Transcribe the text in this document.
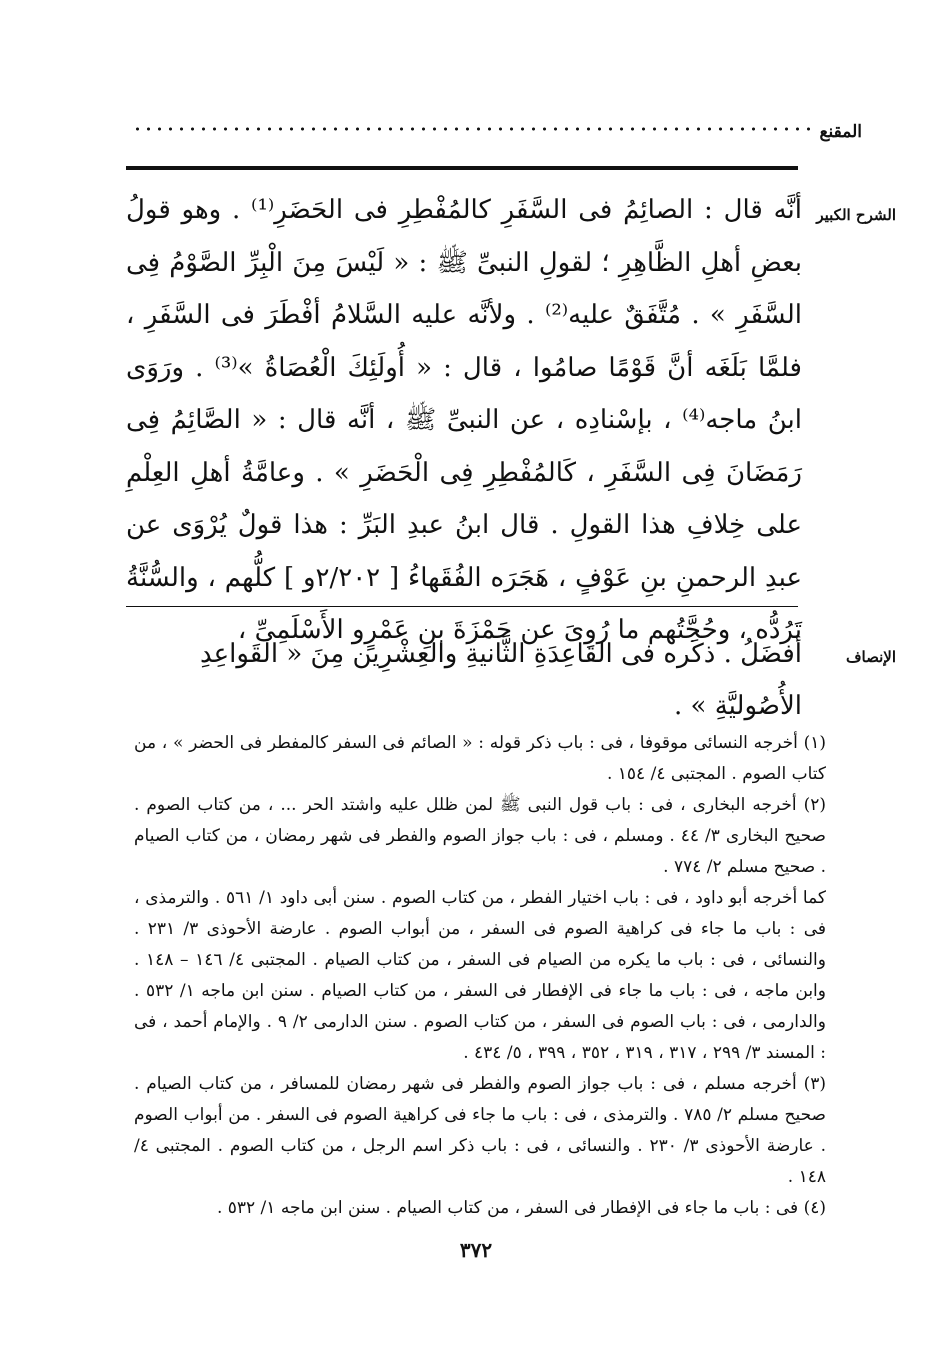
المقنع
الشرح الكبير

أنَّه قال : الصائِمُ فى السَّفَرِ كالمُفْطِرِ فى الحَضَرِ⁽¹⁾ . وهو قولُ بعضِ أهلِ الظَّاهِرِ ؛ لقولِ النبىِّ ﷺ : « لَيْسَ مِنَ الْبِرِّ الصَّوْمُ فِى السَّفَرِ » . مُتَّفَقٌ عليه⁽²⁾ . ولأنَّه عليه السَّلامُ أفْطَرَ فى السَّفَرِ ، فلمَّا بَلَغَه أنَّ قَوْمًا صامُوا ، قال : « أُولَئِكَ الْعُصَاةُ »⁽³⁾ . ورَوَى ابنُ ماجه⁽⁴⁾ ، بإسْنادِه ، عن النبىِّ ﷺ ، أنَّه قال : « الصَّائِمُ فِى رَمَضَانَ فِى السَّفَرِ ، كَالمُفْطِرِ فِى الْحَضَرِ » . وعامَّةُ أهلِ العِلْمِ على خِلافِ هذا القولِ . قال ابنُ عبدِ البَرِّ : هذا قولٌ يُرْوَى عن عبدِ الرحمنِ بنِ عَوْفٍ ، هَجَرَه الفُقَهاءُ [ ٢/٢٠٢و ] كلُّهم ، والسُّنَّةُ تَرُدُّه ، وحُجَّتُهم ما رُوِىَ عن حَمْزَةَ بنِ عَمْرٍو الأَسْلَمِىِّ ،

الإنصاف

أفضَلُ . ذكَره فى القاعِدَةِ الثَّانيةِ والعِشْرِين مِنَ « القَواعِدِ الأُصُوليَّةِ » .

(١) أخرجه النسائى موقوفا ، فى : باب ذكر قوله : « الصائم فى السفر كالمفطر فى الحضر » ، من كتاب الصوم . المجتبى ٤/ ١٥٤ .

(٢) أخرجه البخارى ، فى : باب قول النبى ﷺ لمن ظلل عليه واشتد الحر ... ، من كتاب الصوم . صحيح البخارى ٣/ ٤٤ . ومسلم ، فى : باب جواز الصوم والفطر فى شهر رمضان ، من كتاب الصيام . صحيح مسلم ٢/ ٧٧٤ .

كما أخرجه أبو داود ، فى : باب اختيار الفطر ، من كتاب الصوم . سنن أبى داود ١/ ٥٦١ . والترمذى ، فى : باب ما جاء فى كراهية الصوم فى السفر ، من أبواب الصوم . عارضة الأحوذى ٣/ ٢٣١ . والنسائى ، فى : باب ما يكره من الصيام فى السفر ، من كتاب الصيام . المجتبى ٤/ ١٤٦ – ١٤٨ . وابن ماجه ، فى : باب ما جاء فى الإفطار فى السفر ، من كتاب الصيام . سنن ابن ماجه ١/ ٥٣٢ . والدارمى ، فى : باب الصوم فى السفر ، من كتاب الصوم . سنن الدارمى ٢/ ٩ . والإمام أحمد ، فى : المسند ٣/ ٢٩٩ ، ٣١٧ ، ٣١٩ ، ٣٥٢ ، ٣٩٩ ، ٥/ ٤٣٤ .

(٣) أخرجه مسلم ، فى : باب جواز الصوم والفطر فى شهر رمضان للمسافر ، من كتاب الصيام . صحيح مسلم ٢/ ٧٨٥ . والترمذى ، فى : باب ما جاء فى كراهية الصوم فى السفر . من أبواب الصوم . عارضة الأحوذى ٣/ ٢٣٠ . والنسائى ، فى : باب ذكر اسم الرجل ، من كتاب الصوم . المجتبى ٤/ ١٤٨ .

(٤) فى : باب ما جاء فى الإفطار فى السفر ، من كتاب الصيام . سنن ابن ماجه ١/ ٥٣٢ .

٣٧٢
